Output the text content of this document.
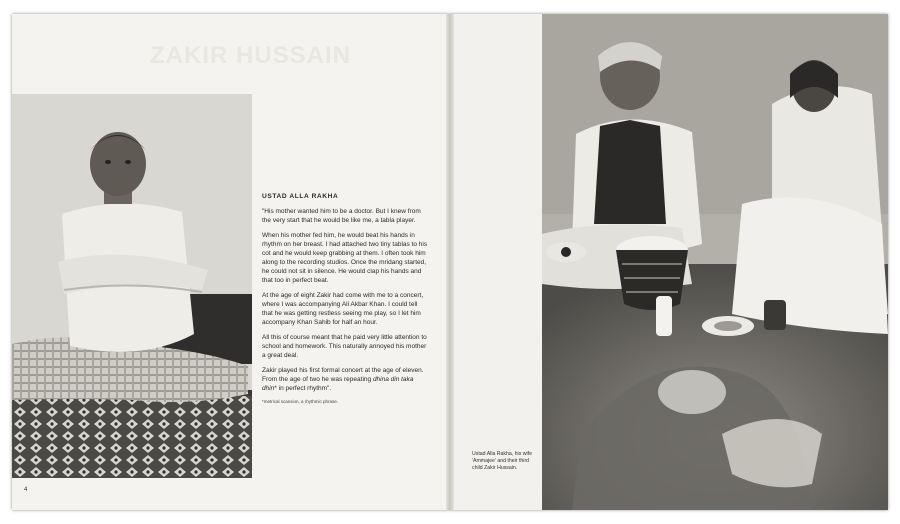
ZAKIR HUSSAIN

USTAD ALLA RAKHA

"His mother wanted him to be a doctor. But I knew from the very start that he would be like me, a tabla player.

When his mother fed him, he would beat his hands in rhythm on her breast. I had attached two tiny tablas to his cot and he would keep grabbing at them. I often took him along to the recording studios. Once the mridang started, he could not sit in silence. He would clap his hands and that too in perfect beat.

At the age of eight Zakir had come with me to a concert, where I was accompanying Ali Akbar Khan. I could tell that he was getting restless seeing me play, so I let him accompany Khan Sahib for half an hour.

All this of course meant that he paid very little attention to school and homework. This naturally annoyed his mother a great deal.

Zakir played his first formal concert at the age of eleven. From the age of two he was repeating dhina din taka dhin* in perfect rhythm".

*metrical scansion, a rhythmic phrase.

4
Ustad Alla Rakha, his wife 'Ammajee' and their third child Zakir Hussain.
